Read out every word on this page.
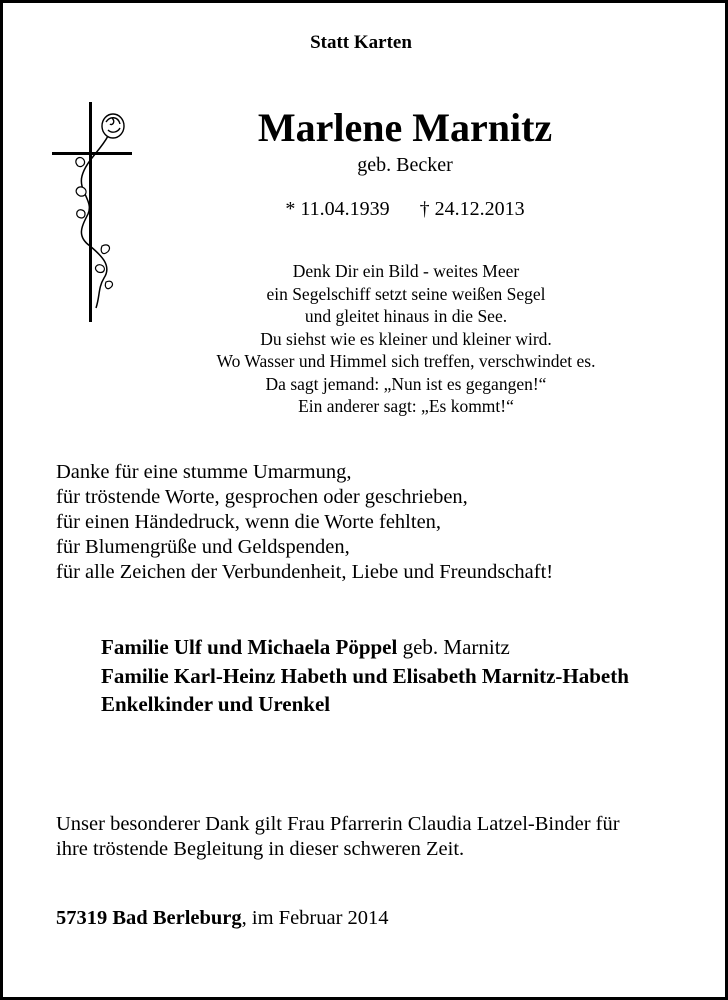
Statt Karten
Marlene Marnitz
geb. Becker
* 11.04.1939 † 24.12.2013
Denk Dir ein Bild - weites Meer
ein Segelschiff setzt seine weißen Segel
und gleitet hinaus in die See.
Du siehst wie es kleiner und kleiner wird.
Wo Wasser und Himmel sich treffen, verschwindet es.
Da sagt jemand: „Nun ist es gegangen!“
Ein anderer sagt: „Es kommt!“
Danke für eine stumme Umarmung,
für tröstende Worte, gesprochen oder geschrieben,
für einen Händedruck, wenn die Worte fehlten,
für Blumengrüße und Geldspenden,
für alle Zeichen der Verbundenheit, Liebe und Freundschaft!
Familie Ulf und Michaela Pöppel geb. Marnitz
Familie Karl-Heinz Habeth und Elisabeth Marnitz-Habeth
Enkelkinder und Urenkel
Unser besonderer Dank gilt Frau Pfarrerin Claudia Latzel-Binder für
ihre tröstende Begleitung in dieser schweren Zeit.
57319 Bad Berleburg, im Februar 2014
